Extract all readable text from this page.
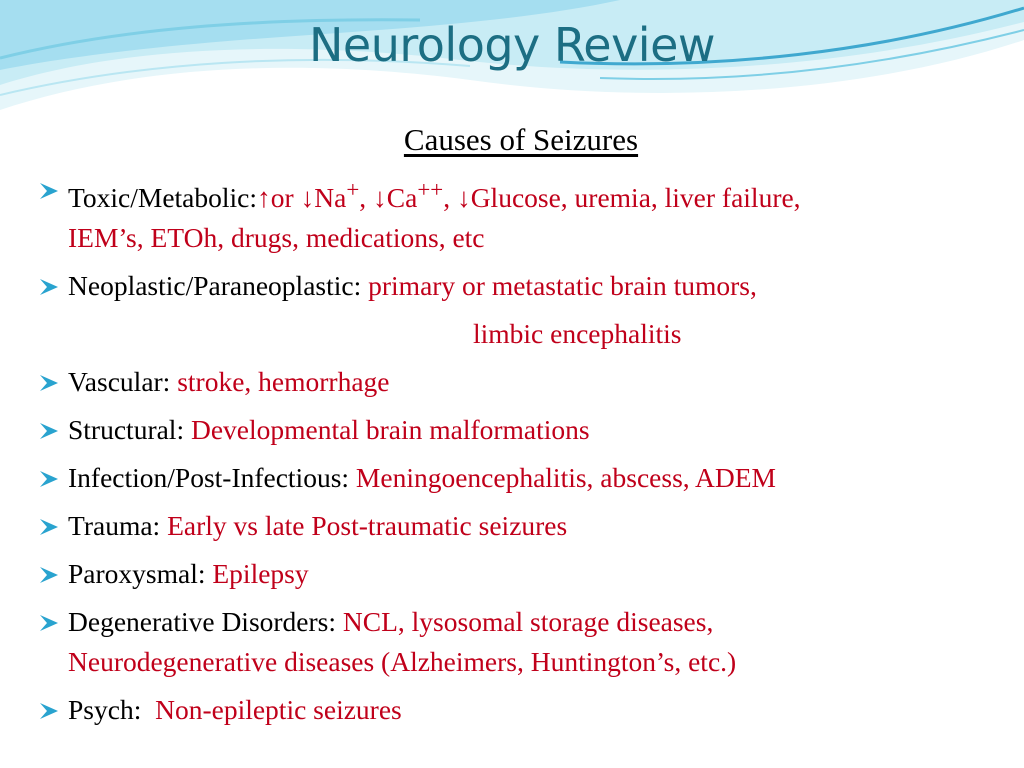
Neurology Review
Causes of Seizures
Toxic/Metabolic:↑or ↓Na+, ↓Ca++, ↓Glucose, uremia, liver failure,
IEM’s, ETOh, drugs, medications, etc
Neoplastic/Paraneoplastic: primary or metastatic brain tumors,
limbic encephalitis
Vascular: stroke, hemorrhage
Structural: Developmental brain malformations
Infection/Post-Infectious: Meningoencephalitis, abscess, ADEM
Trauma: Early vs late Post-traumatic seizures
Paroxysmal: Epilepsy
Degenerative Disorders: NCL, lysosomal storage diseases,
Neurodegenerative diseases (Alzheimers, Huntington’s, etc.)
Psych:  Non-epileptic seizures
